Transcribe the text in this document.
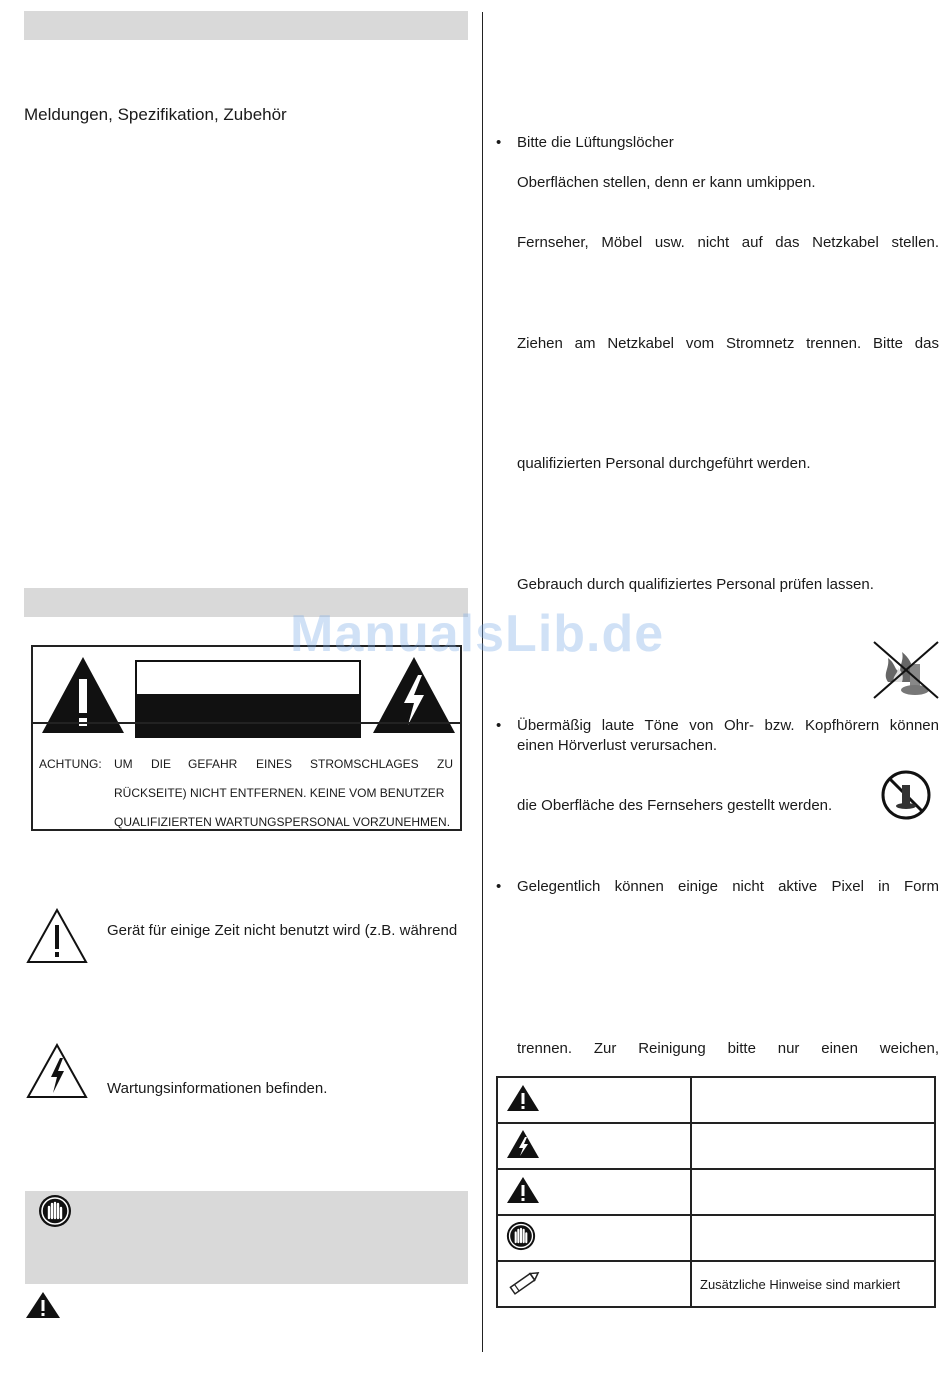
Meldungen, Spezifikation, Zubehör
ACHTUNG: UM DIE GEFAHR EINES STROMSCHLAGES ZU
RÜCKSEITE) NICHT ENTFERNEN. KEINE VOM BENUTZER
QUALIFIZIERTEN WARTUNGSPERSONAL VORZUNEHMEN.
Gerät für einige Zeit nicht benutzt wird (z.B. während
Wartungsinformationen befinden.
• Bitte die Lüftungslöcher
Oberflächen stellen, denn er kann umkippen.
Fernseher, Möbel usw. nicht auf das Netzkabel stellen.
Ziehen am Netzkabel vom Stromnetz trennen. Bitte das
qualifizierten Personal durchgeführt werden.
Gebrauch durch qualifiziertes Personal prüfen lassen.
• Übermäßig laute Töne von Ohr- bzw. Kopfhörern können
einen Hörverlust verursachen.
die Oberfläche des Fernsehers gestellt werden.
• Gelegentlich können einige nicht aktive Pixel in Form
trennen. Zur Reinigung bitte nur einen weichen,

	Zusätzliche Hinweise sind markiert
ManualsLib.de
